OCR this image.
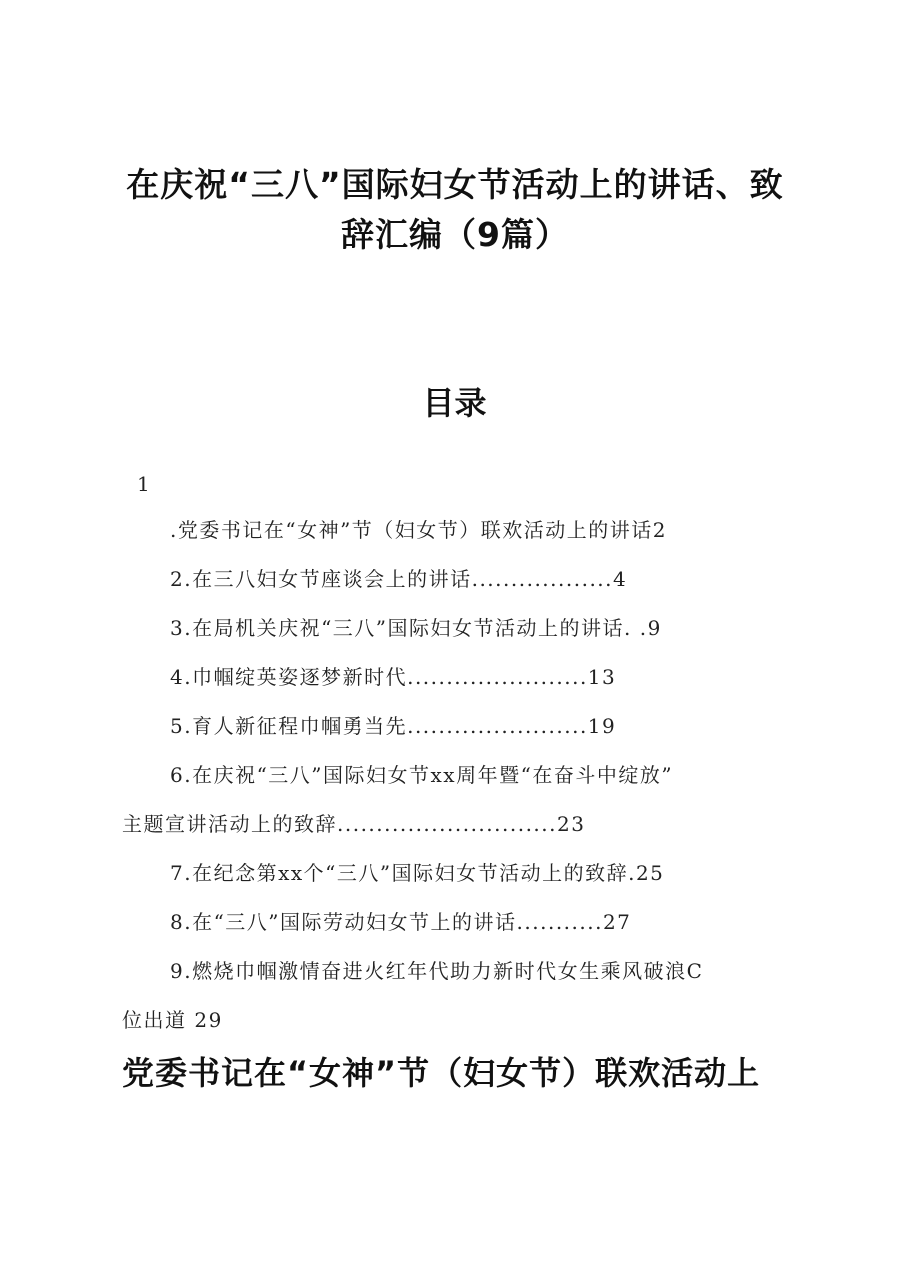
在庆祝“三八”国际妇女节活动上的讲话、致
辞汇编（9篇）
目录
1
.党委书记在“女神”节（妇女节）联欢活动上的讲话2
2.在三八妇女节座谈会上的讲话..................4
3.在局机关庆祝“三八”国际妇女节活动上的讲话. .9
4.巾帼绽英姿逐梦新时代.......................13
5.育人新征程巾帼勇当先.......................19
6.在庆祝“三八”国际妇女节xx周年暨“在奋斗中绽放”
主题宣讲活动上的致辞............................23
7.在纪念第xx个“三八”国际妇女节活动上的致辞.25
8.在“三八”国际劳动妇女节上的讲话...........27
9.燃烧巾帼激情奋进火红年代助力新时代女生乘风破浪C
位出道 29
党委书记在“女神”节（妇女节）联欢活动上
